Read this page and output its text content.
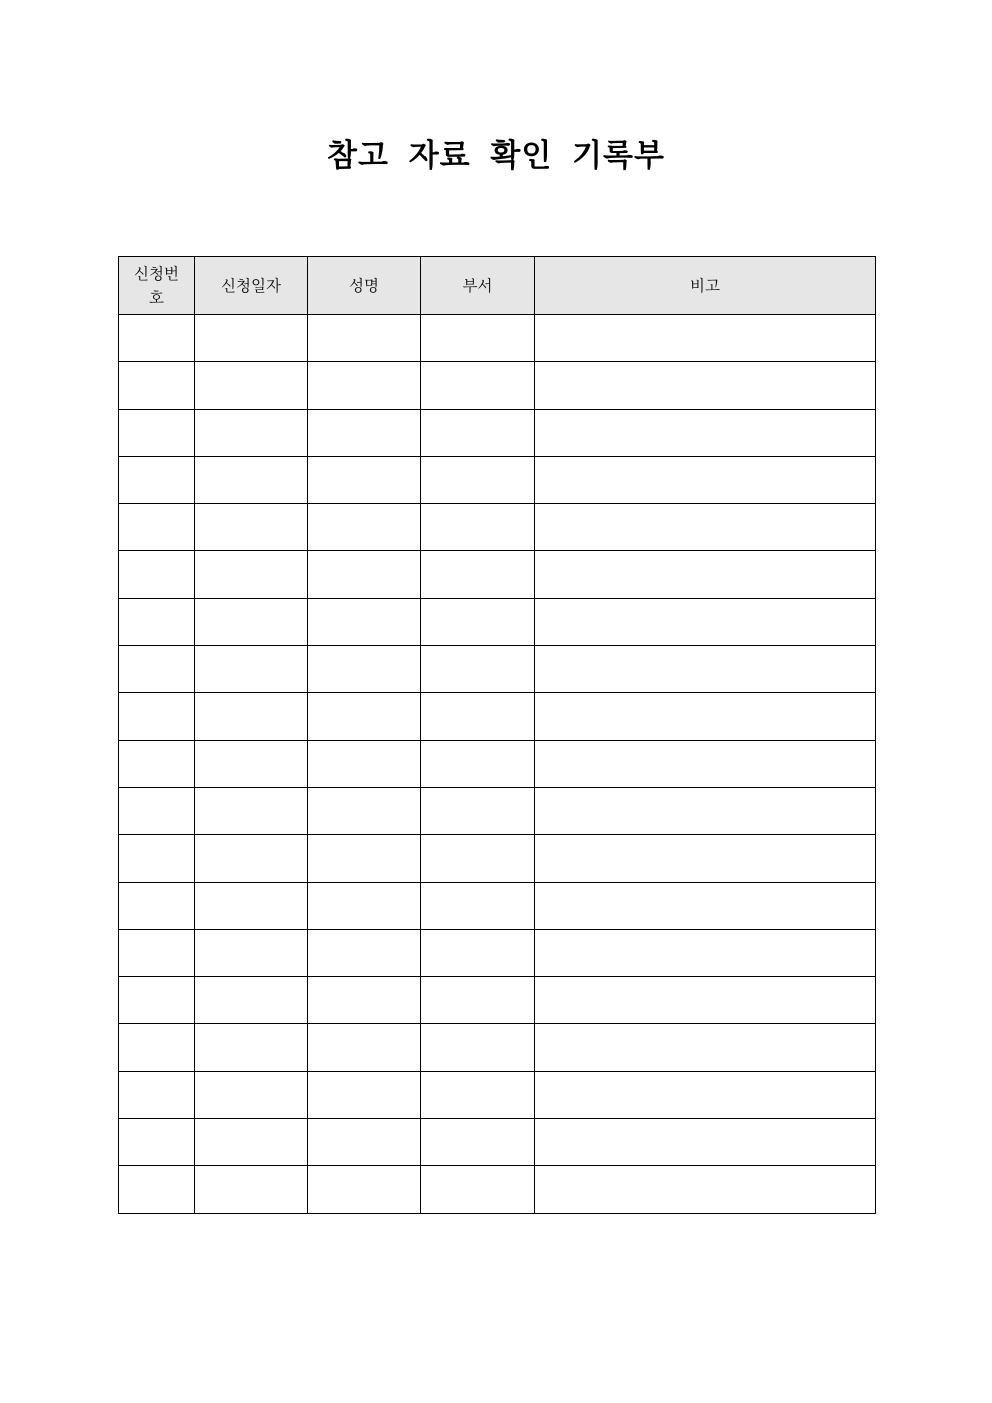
참고 자료 확인 기록부
신청번호	신청일자	성명	부서	비고
